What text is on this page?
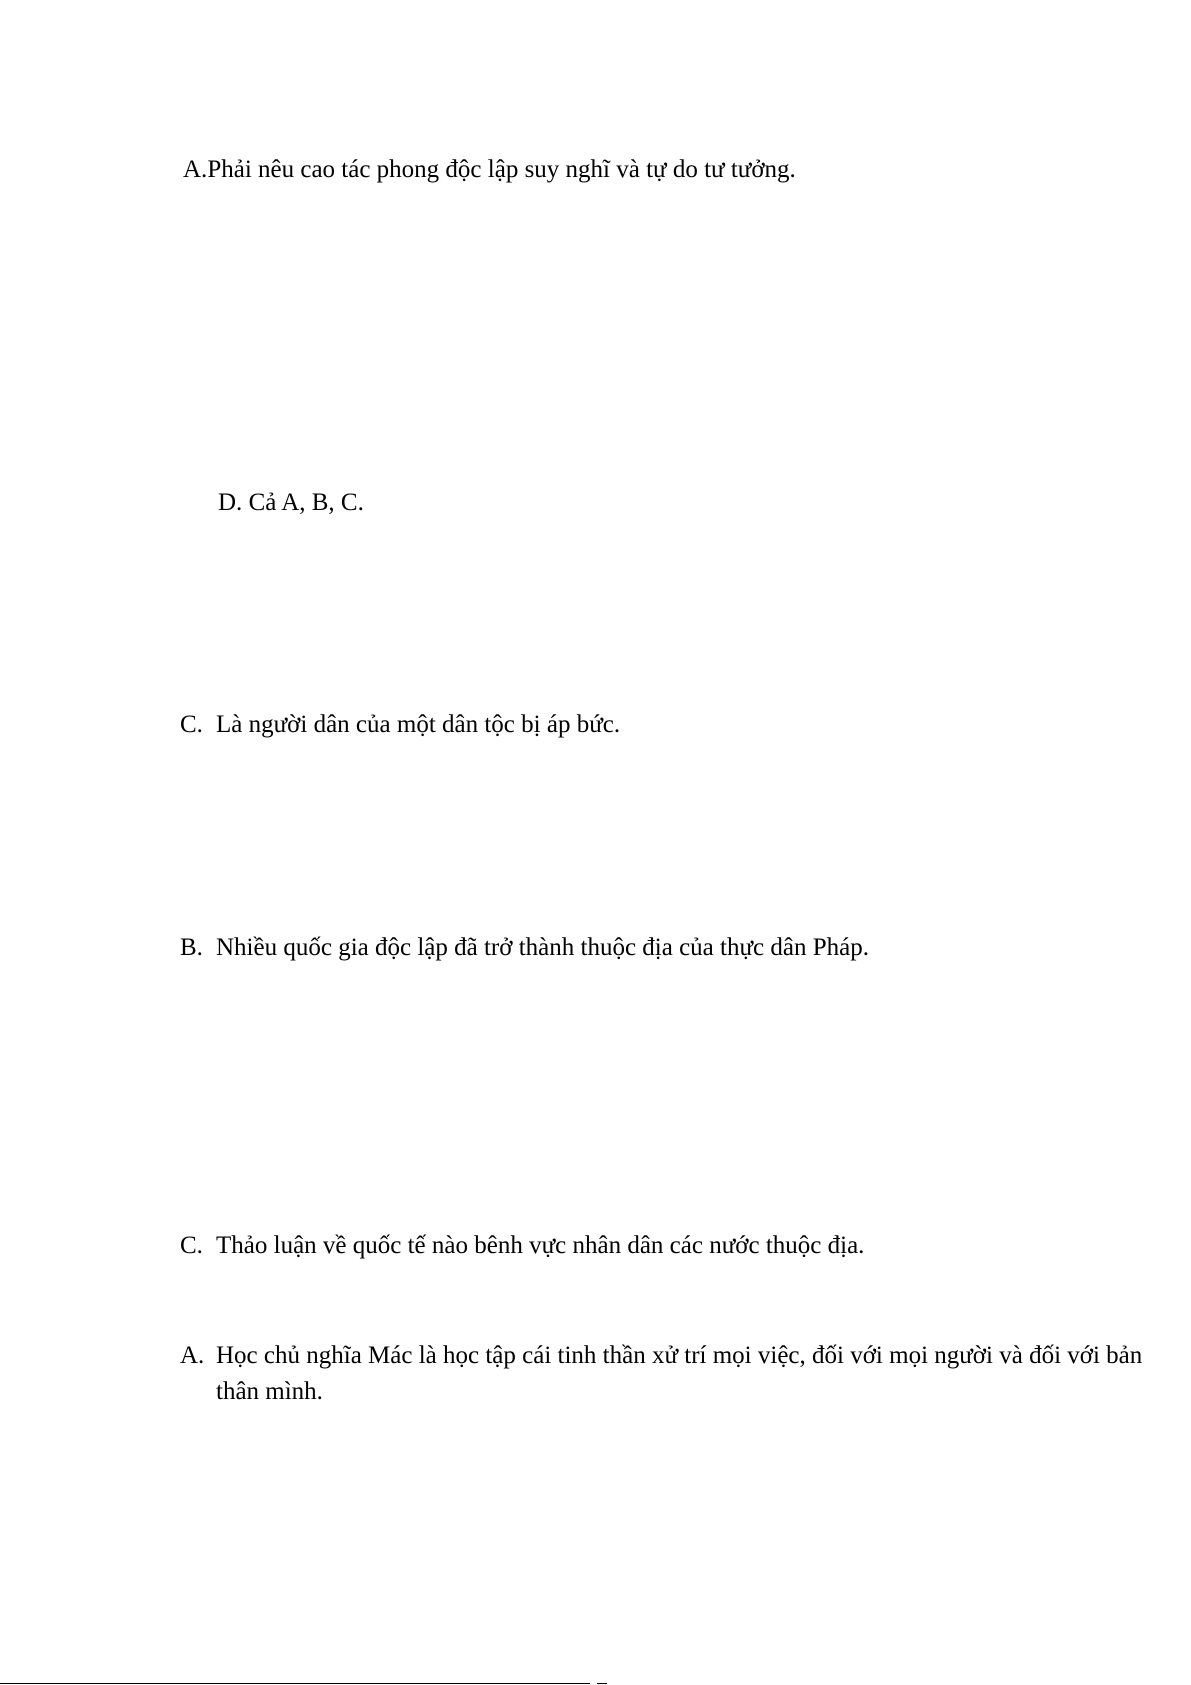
A.Phải nêu cao tác phong độc lập suy nghĩ và tự do tư tưởng.
D. Cả A, B, C.
C. Là người dân của một dân tộc bị áp bức.
B. Nhiều quốc gia độc lập đã trở thành thuộc địa của thực dân Pháp.
C. Thảo luận về quốc tế nào bênh vực nhân dân các nước thuộc địa.
A. Học chủ nghĩa Mác là học tập cái tinh thần xử trí mọi việc, đối với mọi người và đối với bản thân mình.
